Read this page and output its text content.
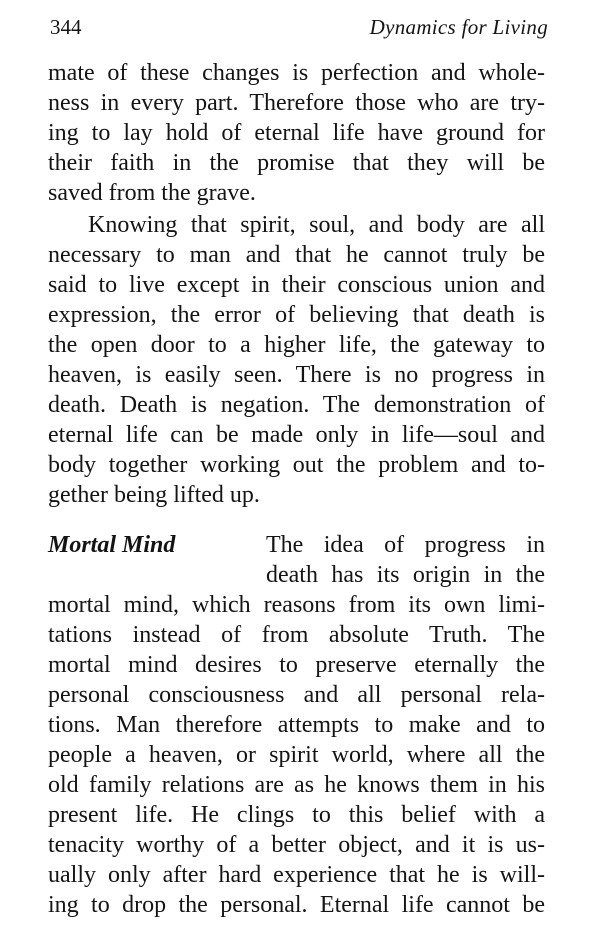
344	Dynamics for Living
mate of these changes is perfection and whole-
ness in every part. Therefore those who are try-
ing to lay hold of eternal life have ground for
their faith in the promise that they will be
saved from the grave.
Knowing that spirit, soul, and body are all
necessary to man and that he cannot truly be
said to live except in their conscious union and
expression, the error of believing that death is
the open door to a higher life, the gateway to
heaven, is easily seen. There is no progress in
death. Death is negation. The demonstration of
eternal life can be made only in life—soul and
body together working out the problem and to-
gether being lifted up.
Mortal Mind	The idea of progress in
death has its origin in the
mortal mind, which reasons from its own limi-
tations instead of from absolute Truth. The
mortal mind desires to preserve eternally the
personal consciousness and all personal rela-
tions. Man therefore attempts to make and to
people a heaven, or spirit world, where all the
old family relations are as he knows them in his
present life. He clings to this belief with a
tenacity worthy of a better object, and it is us-
ually only after hard experience that he is will-
ing to drop the personal. Eternal life cannot be
